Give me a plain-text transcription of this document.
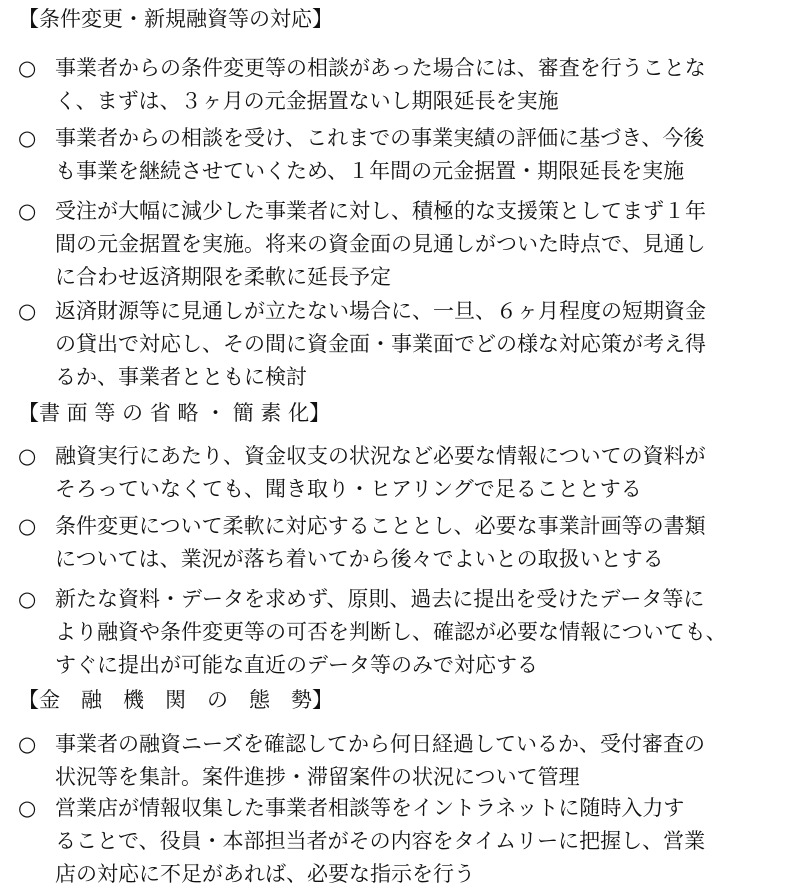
【条件変更・新規融資等の対応】
○ 事業者からの条件変更等の相談があった場合には、審査を行うことな
く、まずは、３ヶ月の元金据置ないし期限延長を実施
○ 事業者からの相談を受け、これまでの事業実績の評価に基づき、今後
も事業を継続させていくため、１年間の元金据置・期限延長を実施
○ 受注が大幅に減少した事業者に対し、積極的な支援策としてまず１年
間の元金据置を実施。将来の資金面の見通しがついた時点で、見通し
に合わせ返済期限を柔軟に延長予定
○ 返済財源等に見通しが立たない場合に、一旦、６ヶ月程度の短期資金
の貸出で対応し、その間に資金面・事業面でどの様な対応策が考え得
るか、事業者とともに検討
【書 面 等 の 省 略 ・ 簡 素 化】
○ 融資実行にあたり、資金収支の状況など必要な情報についての資料が
そろっていなくても、聞き取り・ヒアリングで足ることとする
○ 条件変更について柔軟に対応することとし、必要な事業計画等の書類
については、業況が落ち着いてから後々でよいとの取扱いとする
○ 新たな資料・データを求めず、原則、過去に提出を受けたデータ等に
より融資や条件変更等の可否を判断し、確認が必要な情報についても、
すぐに提出が可能な直近のデータ等のみで対応する
【金　融　機　関　の　態　勢】
○ 事業者の融資ニーズを確認してから何日経過しているか、受付審査の
状況等を集計。案件進捗・滞留案件の状況について管理
○ 営業店が情報収集した事業者相談等をイントラネットに随時入力す
ることで、役員・本部担当者がその内容をタイムリーに把握し、営業
店の対応に不足があれば、必要な指示を行う
